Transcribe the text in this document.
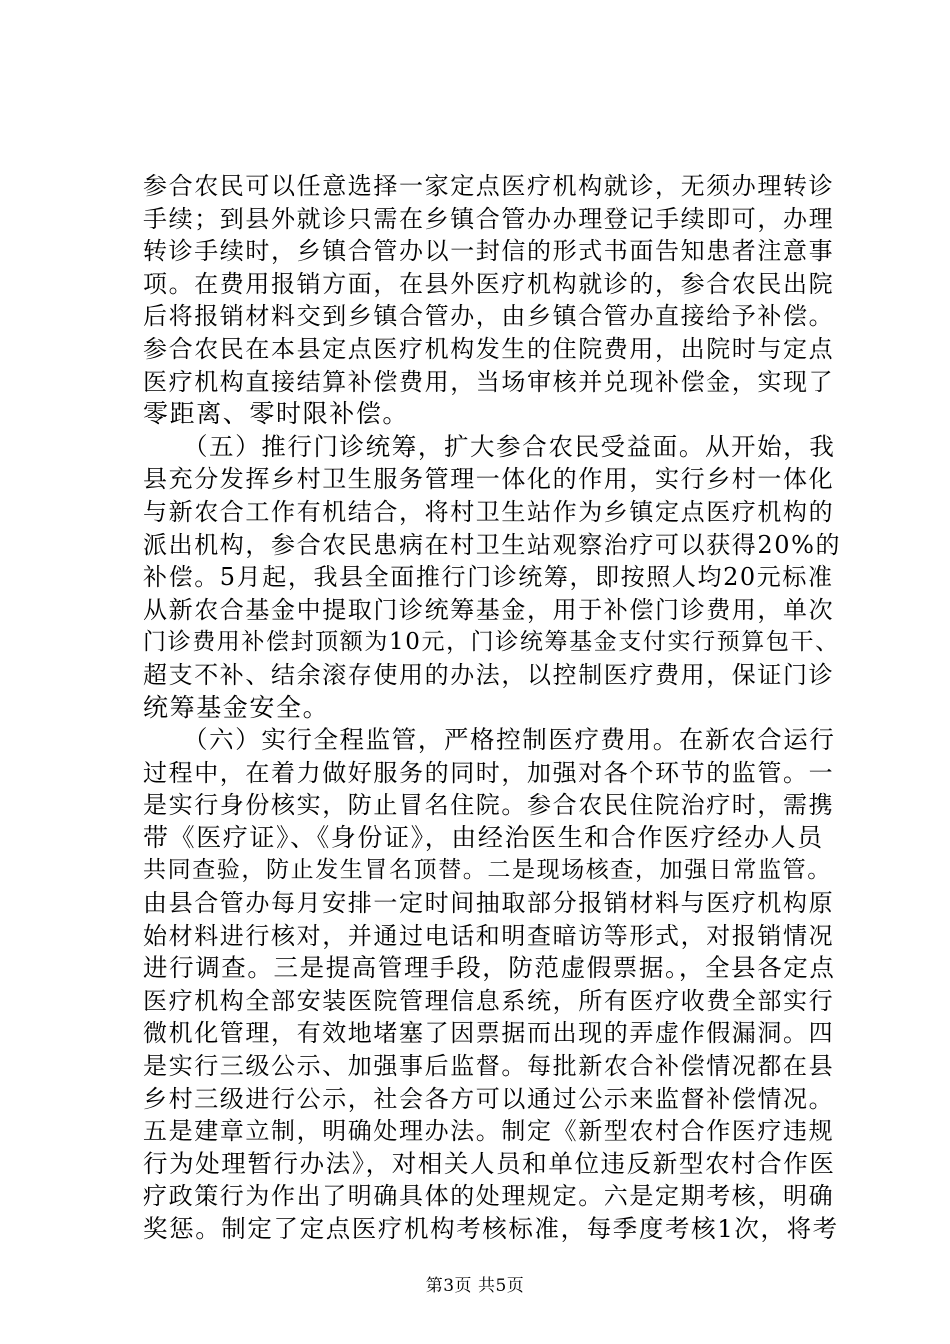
参合农民可以任意选择一家定点医疗机构就诊，无须办理转诊
手续；到县外就诊只需在乡镇合管办办理登记手续即可，办理
转诊手续时，乡镇合管办以一封信的形式书面告知患者注意事
项。在费用报销方面，在县外医疗机构就诊的，参合农民出院
后将报销材料交到乡镇合管办，由乡镇合管办直接给予补偿。
参合农民在本县定点医疗机构发生的住院费用，出院时与定点
医疗机构直接结算补偿费用，当场审核并兑现补偿金，实现了
零距离、零时限补偿。
　　（五）推行门诊统筹，扩大参合农民受益面。从开始，我
县充分发挥乡村卫生服务管理一体化的作用，实行乡村一体化
与新农合工作有机结合，将村卫生站作为乡镇定点医疗机构的
派出机构，参合农民患病在村卫生站观察治疗可以获得20%的
补偿。5月起，我县全面推行门诊统筹，即按照人均20元标准
从新农合基金中提取门诊统筹基金，用于补偿门诊费用，单次
门诊费用补偿封顶额为10元，门诊统筹基金支付实行预算包干、
超支不补、结余滚存使用的办法，以控制医疗费用，保证门诊
统筹基金安全。
　　（六）实行全程监管，严格控制医疗费用。在新农合运行
过程中，在着力做好服务的同时，加强对各个环节的监管。一
是实行身份核实，防止冒名住院。参合农民住院治疗时，需携
带《医疗证》、《身份证》，由经治医生和合作医疗经办人员
共同查验，防止发生冒名顶替。二是现场核查，加强日常监管。
由县合管办每月安排一定时间抽取部分报销材料与医疗机构原
始材料进行核对，并通过电话和明查暗访等形式，对报销情况
进行调查。三是提高管理手段，防范虚假票据。，全县各定点
医疗机构全部安装医院管理信息系统，所有医疗收费全部实行
微机化管理，有效地堵塞了因票据而出现的弄虚作假漏洞。四
是实行三级公示、加强事后监督。每批新农合补偿情况都在县
乡村三级进行公示，社会各方可以通过公示来监督补偿情况。
五是建章立制，明确处理办法。制定《新型农村合作医疗违规
行为处理暂行办法》，对相关人员和单位违反新型农村合作医
疗政策行为作出了明确具体的处理规定。六是定期考核，明确
奖惩。制定了定点医疗机构考核标准，每季度考核1次，将考
第3页 共5页
